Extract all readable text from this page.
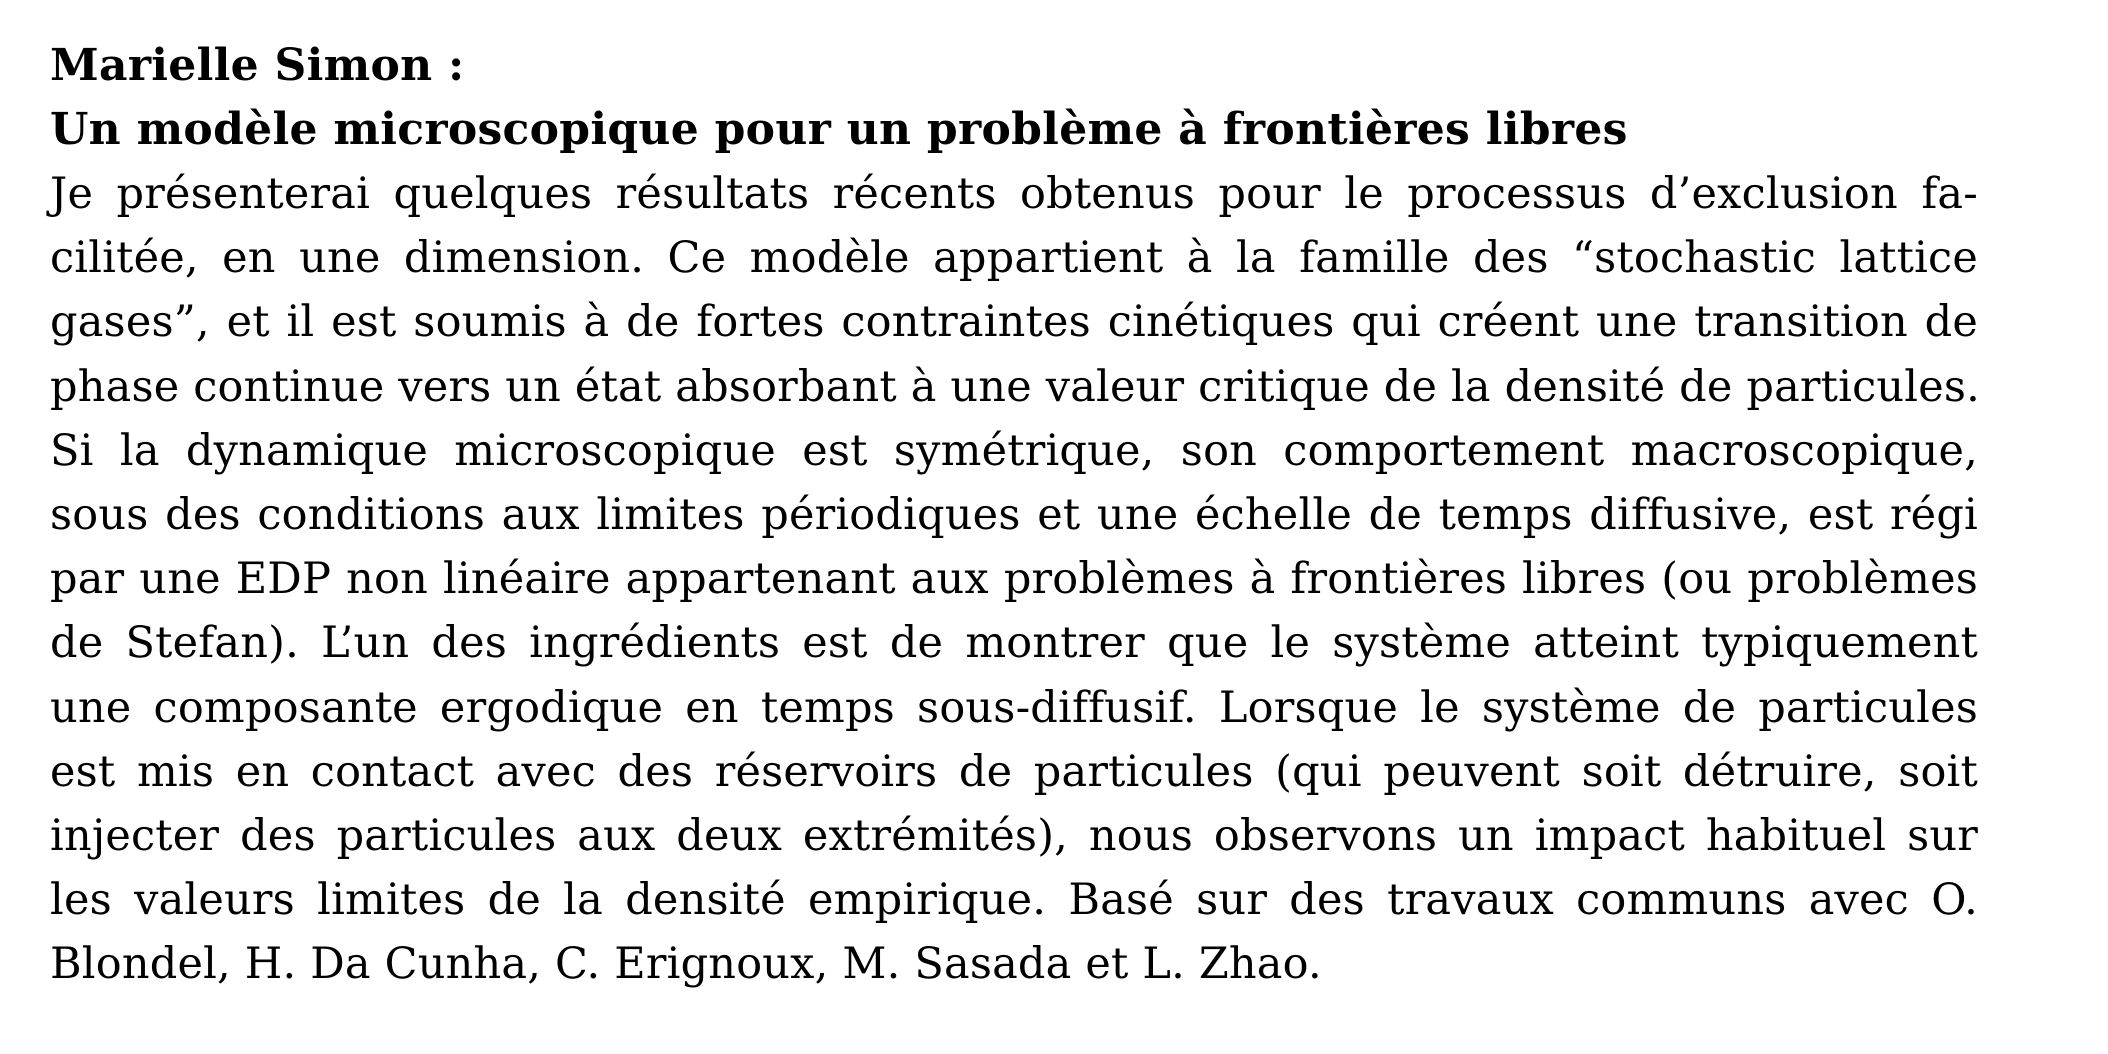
Marielle Simon :
Un modèle microscopique pour un problème à frontières libres
Je présenterai quelques résultats récents obtenus pour le processus d’exclusion fa-
cilitée, en une dimension. Ce modèle appartient à la famille des “stochastic lattice
gases”, et il est soumis à de fortes contraintes cinétiques qui créent une transition de
phase continue vers un état absorbant à une valeur critique de la densité de particules.
Si la dynamique microscopique est symétrique, son comportement macroscopique,
sous des conditions aux limites périodiques et une échelle de temps diffusive, est régi
par une EDP non linéaire appartenant aux problèmes à frontières libres (ou problèmes
de Stefan). L’un des ingrédients est de montrer que le système atteint typiquement
une composante ergodique en temps sous-diffusif. Lorsque le système de particules
est mis en contact avec des réservoirs de particules (qui peuvent soit détruire, soit
injecter des particules aux deux extrémités), nous observons un impact habituel sur
les valeurs limites de la densité empirique. Basé sur des travaux communs avec O.
Blondel, H. Da Cunha, C. Erignoux, M. Sasada et L. Zhao.
